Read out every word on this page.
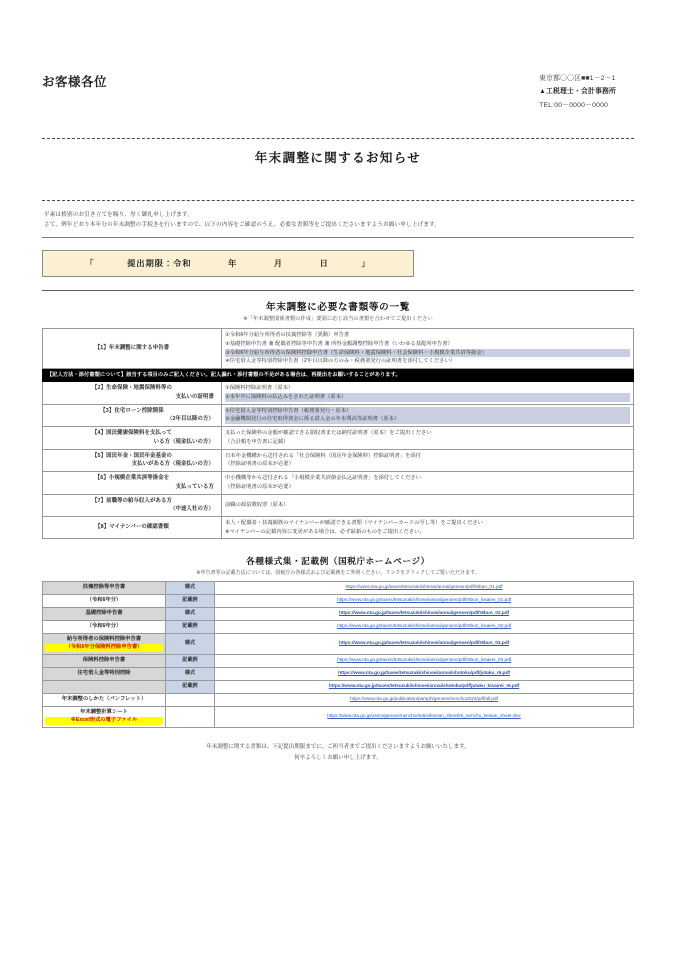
お客様各位	東京都〇〇区■■1－2－1
▲工税理士・会計事務所
TEL:00－0000－0000
年末調整に関するお知らせ
平素は格別のお引き立てを賜り、厚く御礼申し上げます。
さて、例年どおり本年分の年末調整の手続きを行いますので、以下の内容をご確認のうえ、必要な書類等をご提出くださいますようお願い申し上げます。
「	提出期限：令和	年	月	日	」
年末調整に必要な書類等の一覧
※「年末調整関係書類の作成」要領に応じ該当の書類を合わせてご提出ください
【1】年末調整に関する申告書	①令和6年分給与所得者の扶養控除等（異動）申告書
②基礎控除申告書 兼 配偶者控除等申告書 兼 所得金額調整控除申告書（いわゆる基配所申告書）
③令和6年分給与所得者の保険料控除申告書（生命保険料・地震保険料・社会保険料・小規模企業共済等掛金）
④住宅借入金等特別控除申告書（2年目以降の方のみ・税務署発行の証明書を添付してください）

【記入方法・添付書類について】該当する項目のみご記入ください。記入漏れ・添付書類の不足がある場合は、再提出をお願いすることがあります。	

【2】生命保険・地震保険料等の
支払いの証明書	①保険料控除証明書（原本）
②本年中に保険料の払込みをされた証明書（原本）

【3】住宅ローン控除関係
（2年目以降の方）	①住宅借入金等特別控除申告書（税務署発行・原本）
②金融機関発行の住宅取得資金に係る借入金の年末残高等証明書（原本）

【4】国民健康保険料を支払って
いる方（現金払いの方）	支払った保険料の金額が確認できる領収書または納付証明書（原本）をご提出ください
（合計額を申告書に記載）

【5】国民年金・国民年金基金の
支払いがある方（現金払いの方）	日本年金機構から送付される「社会保険料（国民年金保険料）控除証明書」を添付
（控除証明書の原本が必要）

【6】小規模企業共済等掛金を
支払っている方	中小機構等から送付される「小規模企業共済掛金払込証明書」を添付してください
（控除証明書の原本が必要）

【7】前職等の給与収入がある方
（中途入社の方）	前職の源泉徴収票（原本）

【8】マイナンバーの確認書類	本人・配偶者・扶養親族のマイナンバーが確認できる書類（マイナンバーカードの写し等）をご提出ください
※マイナンバーの記載内容に変更がある場合は、必ず最新のものをご提出ください。
各種様式集・記載例（国税庁ホームページ）
※申告書等の記載方法については、国税庁の各様式および記載例をご参照ください。リンクをクリックしてご覧いただけます。
扶養控除等申告書	様式	https://www.nta.go.jp/taxes/tetsuzuki/shinsei/annai/gensen/pdf/r6bun_01.pdf
（令和6年分）	記載例	https://www.nta.go.jp/taxes/tetsuzuki/shinsei/annai/gensen/pdf/r6bun_kisairei_01.pdf
基礎控除申告書	様式	https://www.nta.go.jp/taxes/tetsuzuki/shinsei/annai/gensen/pdf/r6bun_02.pdf
（令和6年分）	記載例	https://www.nta.go.jp/taxes/tetsuzuki/shinsei/annai/gensen/pdf/r6bun_kisairei_02.pdf

給与所得者の保険料控除申告書
（令和6年分保険料控除申告書）	様式	https://www.nta.go.jp/taxes/tetsuzuki/shinsei/annai/gensen/pdf/r6bun_03.pdf
保険料控除申告書	記載例	https://www.nta.go.jp/taxes/tetsuzuki/shinsei/annai/gensen/pdf/r6bun_kisairei_03.pdf
住宅借入金等特別控除	様式	https://www.nta.go.jp/taxes/tetsuzuki/shinsei/annai/shotoku/pdf/jutaku_r6.pdf
	記載例	https://www.nta.go.jp/taxes/tetsuzuki/shinsei/annai/shotoku/pdf/jutaku_kisairei_r6.pdf
年末調整のしかた（パンフレット）		https://www.nta.go.jp/publication/pamph/gensen/nencho2024/pdf/all.pdf

年末調整計算シート
※Excel形式の電子ファイル		https://www.nta.go.jp/users/gensen/nencho/index/keisan_sheet/r6_nencho_keisan_sheet.xlsx
年末調整に関する書類は、下記提出期限までに、ご担当者までご提出くださいますようお願いいたします。
何卒よろしくお願い申し上げます。
